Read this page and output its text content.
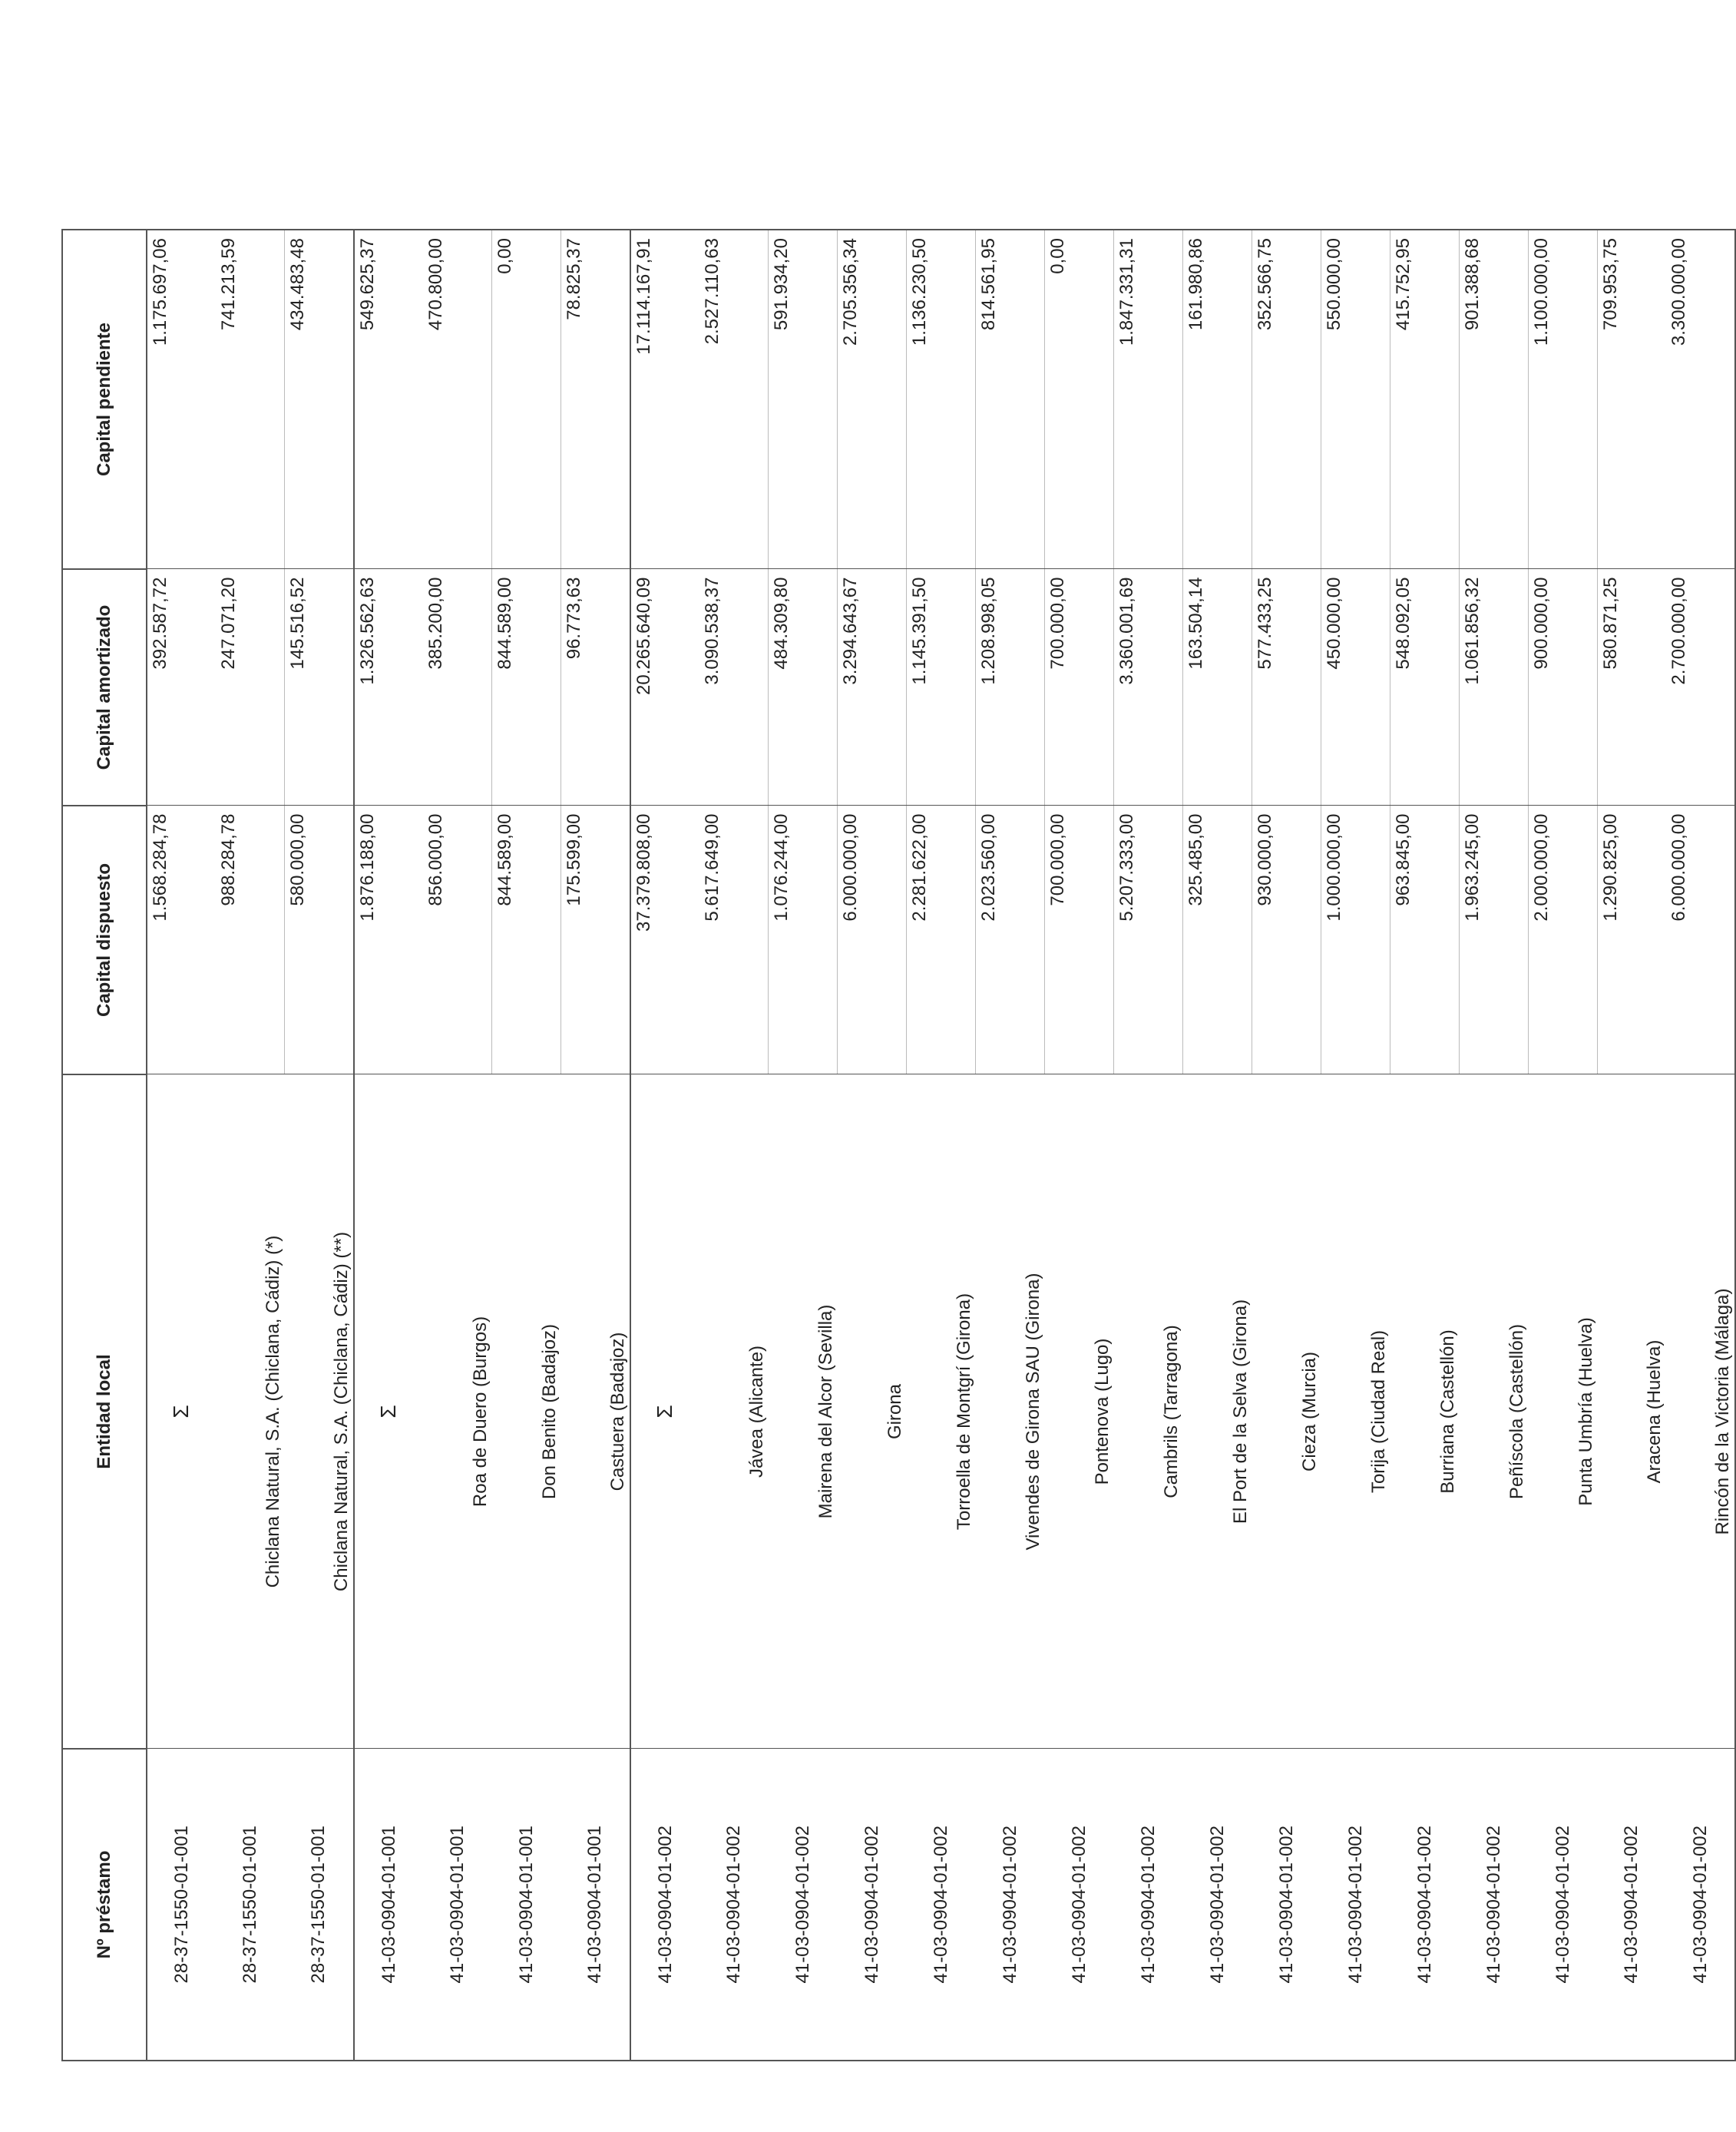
Nº préstamo	Entidad local	Capital dispuesto	Capital amortizado	Capital pendiente
28-37-1550-01-001	Σ	1.568.284,78	392.587,72	1.175.697,06
28-37-1550-01-001	Chiclana Natural, S.A. (Chiclana, Cádiz) (*)	988.284,78	247.071,20	741.213,59
28-37-1550-01-001	Chiclana Natural, S.A. (Chiclana, Cádiz) (**)	580.000,00	145.516,52	434.483,48
41-03-0904-01-001	Σ	1.876.188,00	1.326.562,63	549.625,37
41-03-0904-01-001	Roa de Duero (Burgos)	856.000,00	385.200,00	470.800,00
41-03-0904-01-001	Don Benito (Badajoz)	844.589,00	844.589,00	0,00
41-03-0904-01-001	Castuera (Badajoz)	175.599,00	96.773,63	78.825,37
41-03-0904-01-002	Σ	37.379.808,00	20.265.640,09	17.114.167,91
41-03-0904-01-002	Jávea (Alicante)	5.617.649,00	3.090.538,37	2.527.110,63
41-03-0904-01-002	Mairena del Alcor (Sevilla)	1.076.244,00	484.309,80	591.934,20
41-03-0904-01-002	Girona	6.000.000,00	3.294.643,67	2.705.356,34
41-03-0904-01-002	Torroella de Montgrí (Girona)	2.281.622,00	1.145.391,50	1.136.230,50
41-03-0904-01-002	Vivendes de Girona SAU (Girona)	2.023.560,00	1.208.998,05	814.561,95
41-03-0904-01-002	Pontenova (Lugo)	700.000,00	700.000,00	0,00
41-03-0904-01-002	Cambrils (Tarragona)	5.207.333,00	3.360.001,69	1.847.331,31
41-03-0904-01-002	El Port de la Selva (Girona)	325.485,00	163.504,14	161.980,86
41-03-0904-01-002	Cieza (Murcia)	930.000,00	577.433,25	352.566,75
41-03-0904-01-002	Torija (Ciudad Real)	1.000.000,00	450.000,00	550.000,00
41-03-0904-01-002	Burriana (Castellón)	963.845,00	548.092,05	415.752,95
41-03-0904-01-002	Peñíscola (Castellón)	1.963.245,00	1.061.856,32	901.388,68
41-03-0904-01-002	Punta Umbría (Huelva)	2.000.000,00	900.000,00	1.100.000,00
41-03-0904-01-002	Aracena (Huelva)	1.290.825,00	580.871,25	709.953,75
41-03-0904-01-002	Rincón de la Victoria (Málaga)	6.000.000,00	2.700.000,00	3.300.000,00
